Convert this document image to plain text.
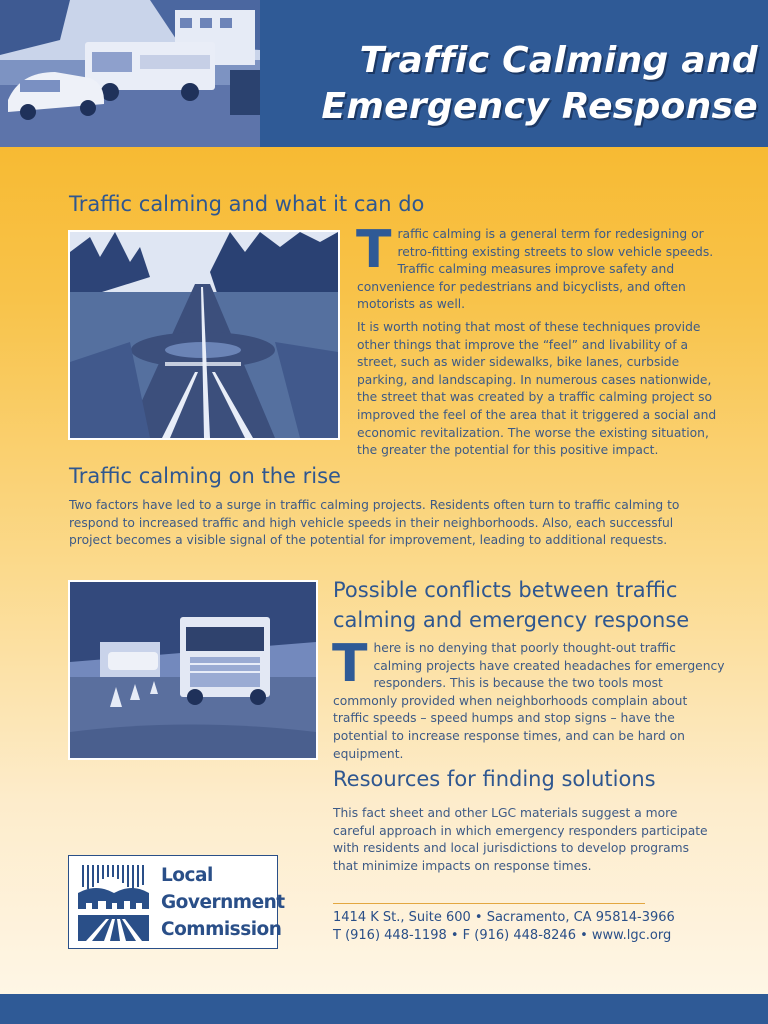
Traffic Calming and
Emergency Response
Traffic calming and what it can do

Traffic calming is a general term for redesigning or retro-fitting existing streets to slow vehicle speeds. Traffic calming measures improve safety and convenience for pedestrians and bicyclists, and often motorists as well.

It is worth noting that most of these techniques provide other things that improve the “feel” and livability of a street, such as wider sidewalks, bike lanes, curbside parking, and landscaping. In numerous cases nationwide, the street that was created by a traffic calming project so improved the feel of the area that it triggered a social and economic revitalization. The worse the existing situation, the greater the potential for this positive impact.

Traffic calming on the rise
Two factors have led to a surge in traffic calming projects. Residents often turn to traffic calming to respond to increased traffic and high vehicle speeds in their neighborhoods. Also, each successful project becomes a visible signal of the potential for improvement, leading to additional requests.
Possible conflicts between traffic calming and emergency response

There is no denying that poorly thought-out traffic calming projects have created headaches for emergency responders. This is because the two tools most commonly provided when neighborhoods complain about traffic speeds – speed humps and stop signs – have the potential to increase response times, and can be hard on equipment.

Resources for finding solutions
This fact sheet and other LGC materials suggest a more careful approach in which emergency responders participate with residents and local jurisdictions to develop programs that minimize impacts on response times.
Local
Government
Commission
1414 K St., Suite 600 • Sacramento, CA 95814-3966
T (916) 448-1198 • F (916) 448-8246 • www.lgc.org
